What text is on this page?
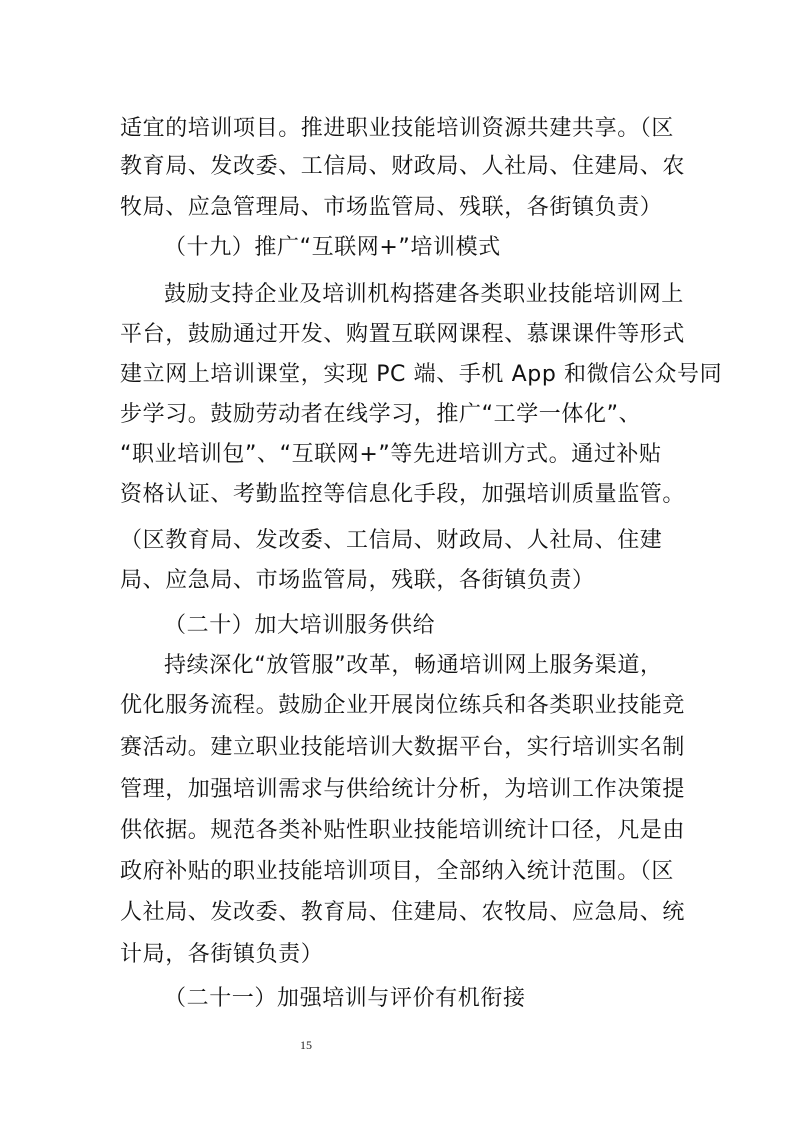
适宜的培训项目。推进职业技能培训资源共建共享。（区
教育局、发改委、工信局、财政局、人社局、住建局、农
牧局、应急管理局、市场监管局、残联，各街镇负责）
（十九）推广“互联网+”培训模式
鼓励支持企业及培训机构搭建各类职业技能培训网上
平台，鼓励通过开发、购置互联网课程、慕课课件等形式
建立网上培训课堂，实现 PC 端、手机 App 和微信公众号同
步学习。鼓励劳动者在线学习，推广“工学一体化”、
“职业培训包”、“互联网+”等先进培训方式。通过补贴
资格认证、考勤监控等信息化手段，加强培训质量监管。
（区教育局、发改委、工信局、财政局、人社局、住建
局、应急局、市场监管局，残联，各街镇负责）
（二十）加大培训服务供给
持续深化“放管服”改革，畅通培训网上服务渠道，
优化服务流程。鼓励企业开展岗位练兵和各类职业技能竞
赛活动。建立职业技能培训大数据平台，实行培训实名制
管理，加强培训需求与供给统计分析，为培训工作决策提
供依据。规范各类补贴性职业技能培训统计口径，凡是由
政府补贴的职业技能培训项目，全部纳入统计范围。（区
人社局、发改委、教育局、住建局、农牧局、应急局、统
计局，各街镇负责）
（二十一）加强培训与评价有机衔接
15
